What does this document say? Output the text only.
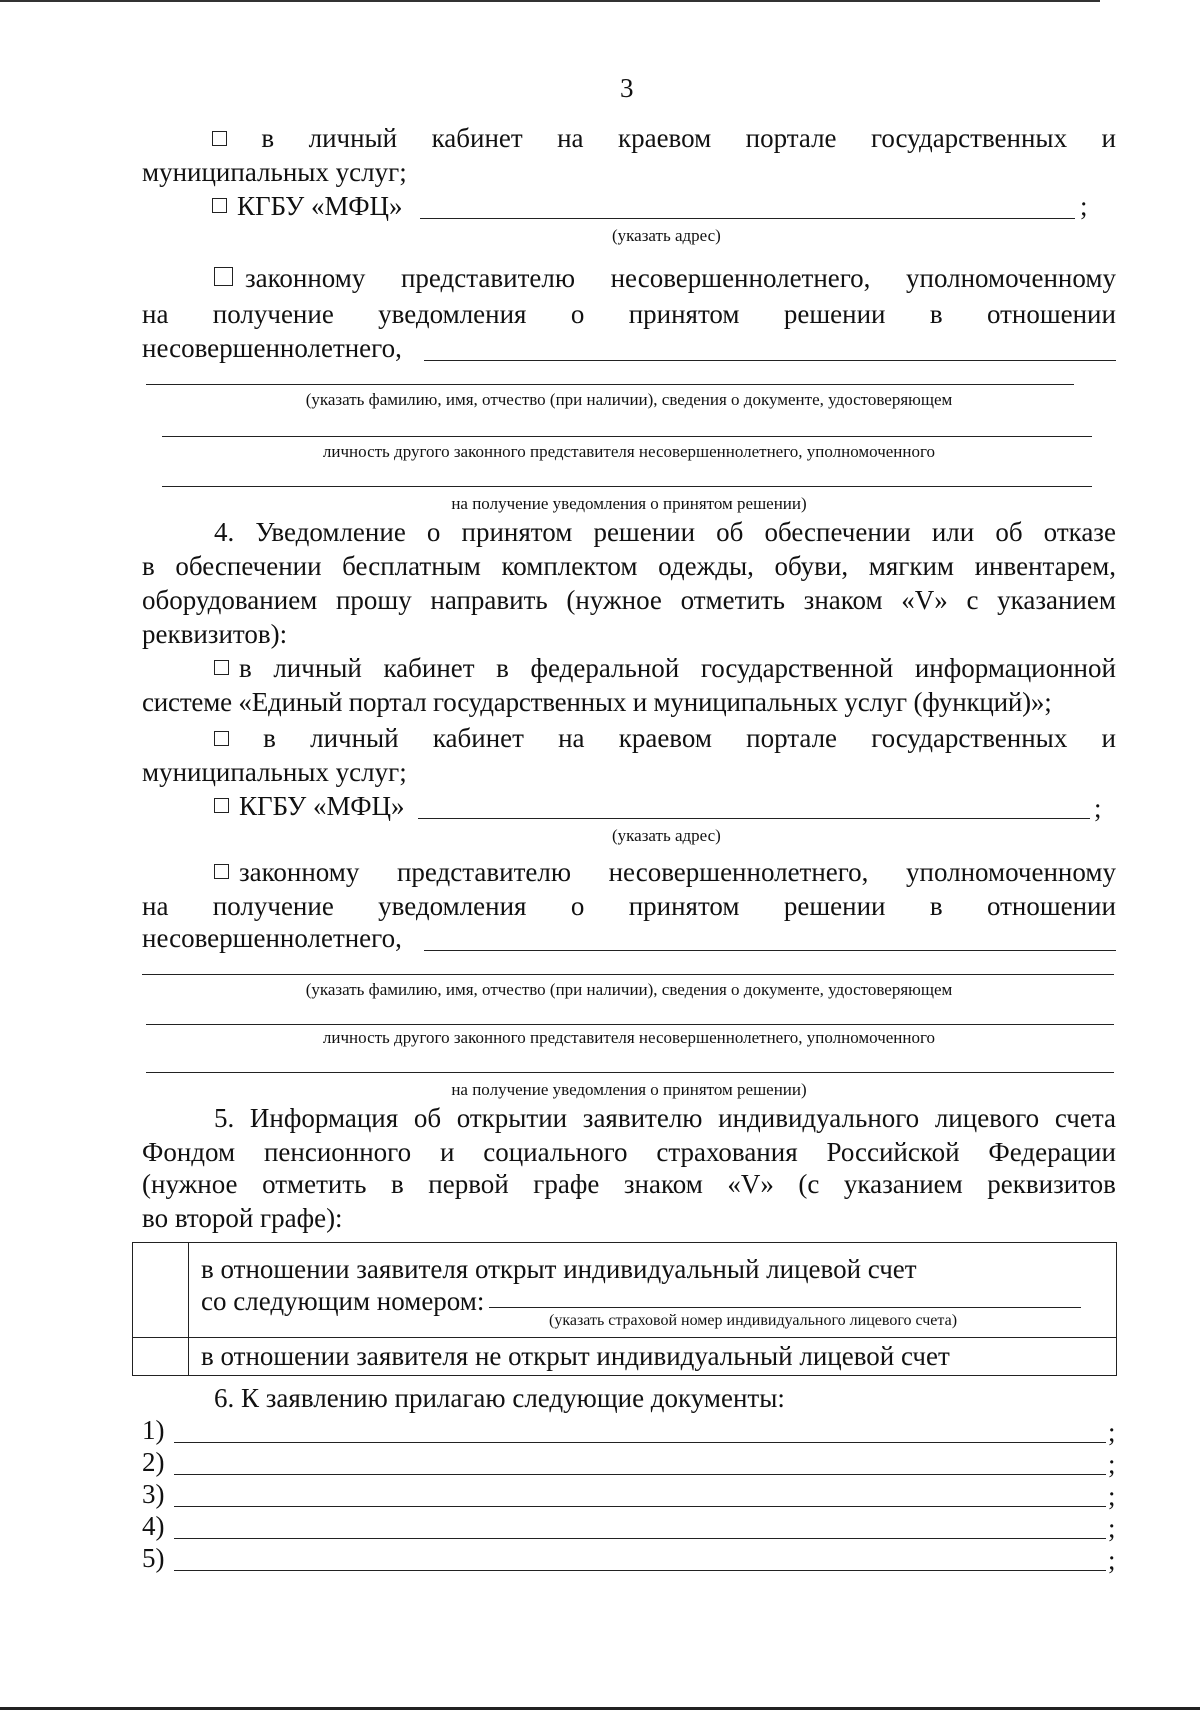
3
в личный кабинет на краевом портале государственных и
муниципальных услуг;
КГБУ «МФЦ»	;
(указать адрес)
законному представителю несовершеннолетнего, уполномоченному
на получение уведомления о принятом решении в отношении
несовершеннолетнего,
(указать фамилию, имя, отчество (при наличии), сведения о документе, удостоверяющем
личность другого законного представителя несовершеннолетнего, уполномоченного
на получение уведомления о принятом решении)
4. Уведомление о принятом решении об обеспечении или об отказе
в обеспечении бесплатным комплектом одежды, обуви, мягким инвентарем,
оборудованием прошу направить (нужное отметить знаком «V» с указанием
реквизитов):
в личный кабинет в федеральной государственной информационной
системе «Единый портал государственных и муниципальных услуг (функций)»;
в личный кабинет на краевом портале государственных и
муниципальных услуг;
КГБУ «МФЦ»	;
(указать адрес)
законному представителю несовершеннолетнего, уполномоченному
на получение уведомления о принятом решении в отношении
несовершеннолетнего,
(указать фамилию, имя, отчество (при наличии), сведения о документе, удостоверяющем
личность другого законного представителя несовершеннолетнего, уполномоченного
на получение уведомления о принятом решении)
5. Информация об открытии заявителю индивидуального лицевого счета
Фондом пенсионного и социального страхования Российской Федерации
(нужное отметить в первой графе знаком «V» (с указанием реквизитов
во второй графе):

	в отношении заявителя открыт индивидуальный лицевой счет
со следующим номером:
(указать страховой номер индивидуального лицевого счета)

	в отношении заявителя не открыт индивидуальный лицевой счет
6. К заявлению прилагаю следующие документы:
1)	;
2)	;
3)	;
4)	;
5)	;
